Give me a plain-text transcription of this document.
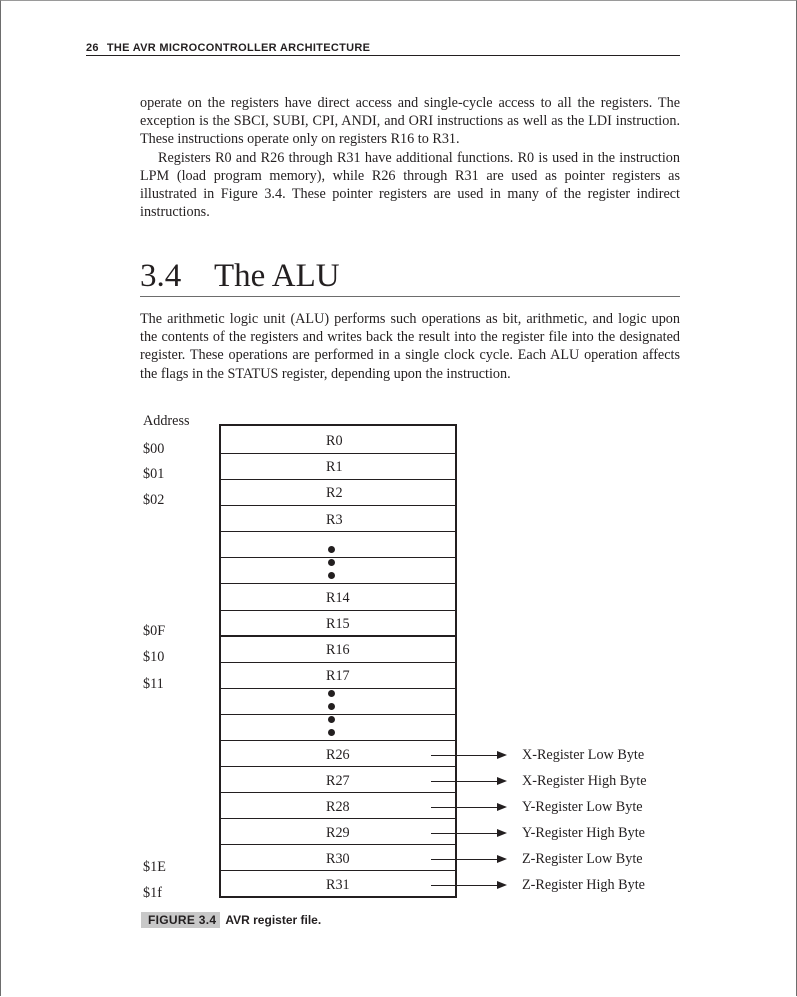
26 THE AVR MICROCONTROLLER ARCHITECTURE

operate on the registers have direct access and single-cycle access to all the registers. The exception is the SBCI, SUBI, CPI, ANDI, and ORI instructions as well as the LDI instruction. These instructions operate only on registers R16 to R31.

Registers R0 and R26 through R31 have additional functions. R0 is used in the instruction LPM (load program memory), while R26 through R31 are used as pointer registers as illustrated in Figure 3.4. These pointer registers are used in many of the register indirect instructions.

3.4 The ALU

The arithmetic logic unit (ALU) performs such operations as bit, arithmetic, and logic upon the contents of the registers and writes back the result into the register file into the designated register. These operations are performed in a single clock cycle. Each ALU operation affects the flags in the STATUS register, depending upon the instruction.

Address
$00
$01
$02
$0F
$10
$11
$1E
$1f
R0
R1
R2
R3
R14
R15
R16
R17
R26
R27
R28
R29
R30
R31
X-Register Low Byte
X-Register High Byte
Y-Register Low Byte
Y-Register High Byte
Z-Register Low Byte
Z-Register High Byte
FIGURE 3.4 AVR register file.
